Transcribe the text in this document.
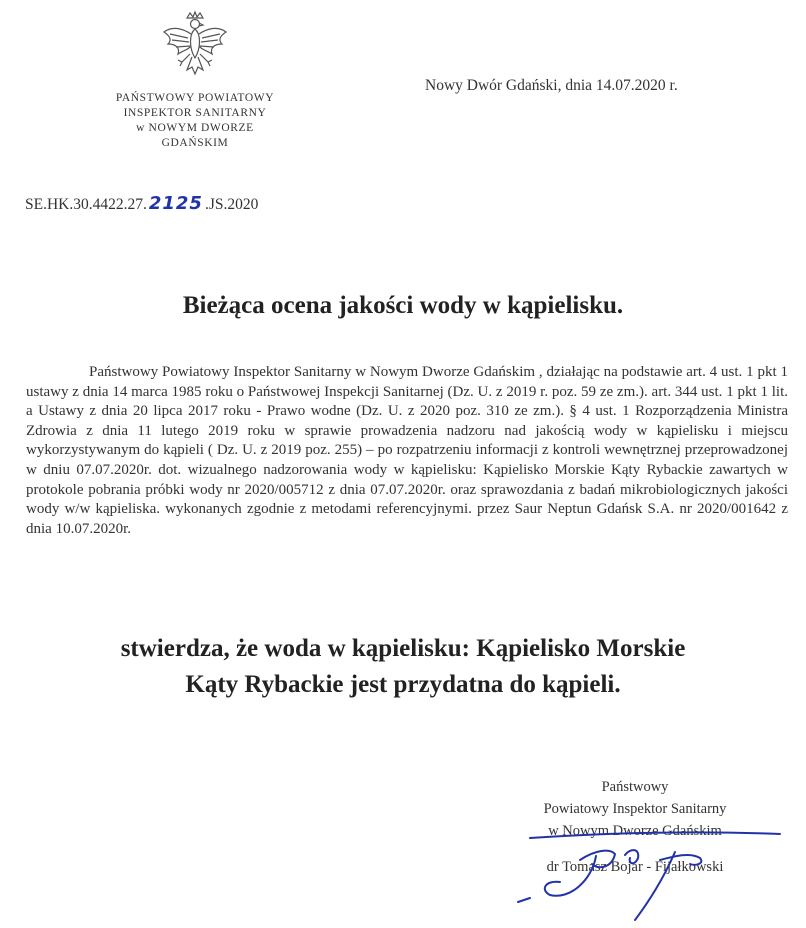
PAŃSTWOWY POWIATOWY
INSPEKTOR SANITARNY
w NOWYM DWORZE
GDAŃSKIM
Nowy Dwór Gdański, dnia 14.07.2020 r.
SE.HK.30.4422.27. 2125 .JS.2020
Bieżąca ocena jakości wody w kąpielisku.

Państwowy Powiatowy Inspektor Sanitarny w Nowym Dworze Gdańskim , działając na podstawie art. 4 ust. 1 pkt 1 ustawy z dnia 14 marca 1985 roku o Państwowej Inspekcji Sanitarnej (Dz. U. z 2019 r. poz. 59 ze zm.). art. 344 ust. 1 pkt 1 lit. a Ustawy z dnia 20 lipca 2017 roku - Prawo wodne (Dz. U. z 2020 poz. 310 ze zm.). § 4 ust. 1 Rozporządzenia Ministra Zdrowia z dnia 11 lutego 2019 roku w sprawie prowadzenia nadzoru nad jakością wody w kąpielisku i miejscu wykorzystywanym do kąpieli ( Dz. U. z 2019 poz. 255) – po rozpatrzeniu informacji z kontroli wewnętrznej przeprowadzonej w dniu 07.07.2020r. dot. wizualnego nadzorowania wody w kąpielisku: Kąpielisko Morskie Kąty Rybackie zawartych w protokole pobrania próbki wody nr 2020/005712 z dnia 07.07.2020r. oraz sprawozdania z badań mikrobiologicznych jakości wody w/w kąpieliska. wykonanych zgodnie z metodami referencyjnymi. przez Saur Neptun Gdańsk S.A. nr 2020/001642 z dnia 10.07.2020r.

stwierdza, że woda w kąpielisku: Kąpielisko Morskie
Kąty Rybackie jest przydatna do kąpieli.
Państwowy
Powiatowy Inspektor Sanitarny
w Nowym Dworze Gdańskim
dr Tomasz Bojar - Fijałkowski
